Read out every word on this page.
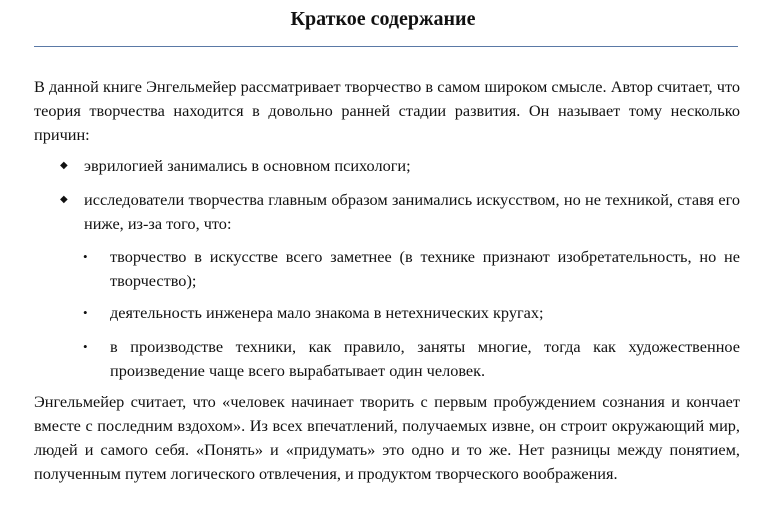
Краткое содержание

В данной книге Энгельмейер рассматривает творчество в самом широком смысле. Автор считает, что теория творчества находится в довольно ранней стадии развития. Он называет тому несколько причин:

◆ эврилогией занимались в основном психологи;
◆ исследователи творчества главным образом занимались искусством, но не техникой, ставя его ниже, из-за того, что:
• творчество в искусстве всего заметнее (в технике признают изобретательность, но не творчество);
• деятельность инженера мало знакома в нетехнических кругах;
• в производстве техники, как правило, заняты многие, тогда как художественное произведение чаще всего вырабатывает один человек.

Энгельмейер считает, что «человек начинает творить с первым пробуждением сознания и кончает вместе с последним вздохом». Из всех впечатлений, получаемых извне, он строит окружающий мир, людей и самого себя. «Понять» и «придумать» это одно и то же. Нет разницы между понятием, полученным путем логического отвлечения, и продуктом творческого воображения.
